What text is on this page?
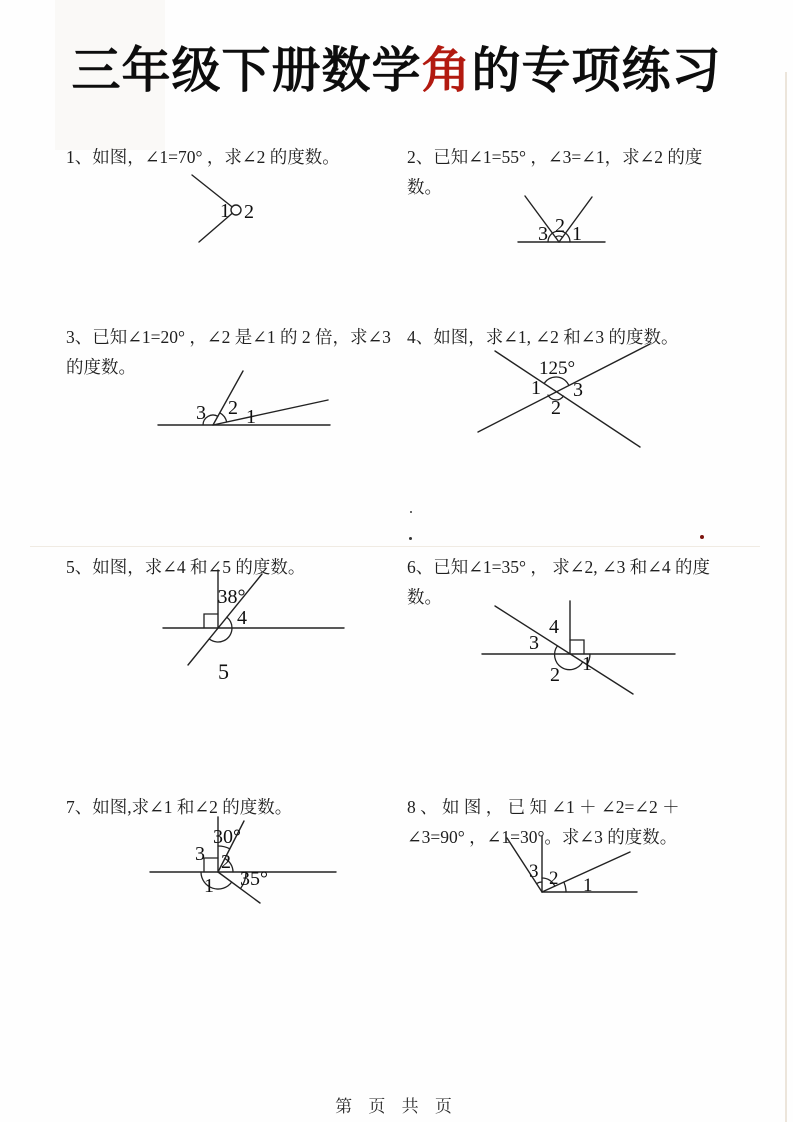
三年级下册数学角的专项练习

1、如图，∠1=70° ，求∠2 的度数。

1 2

2、已知∠1=55° ，∠3=∠1，求∠2 的度数。

3 2 1

3、已知∠1=20° ，∠2 是∠1 的 2 倍，求∠3 的度数。

3 2 1

4、如图，求∠1, ∠2 和∠3 的度数。

125°
1 3
2

5、如图，求∠4 和∠5 的度数。

38°
4
5

6、已知∠1=35° ， 求∠2, ∠3 和∠4 的度数。

4
3
2 1

7、如图,求∠1 和∠2 的度数。

30°
3 2
35°
1

8 、 如 图 ， 已 知 ∠1 ＋ ∠2=∠2 ＋ ∠3=90° ，∠1=30°。求∠3 的度数。

3 2 1
第 页 共 页
